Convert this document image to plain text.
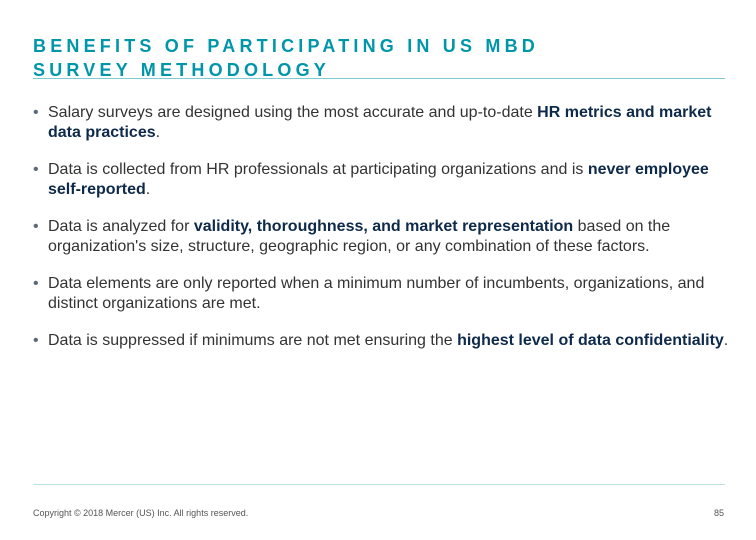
BENEFITS OF PARTICIPATING IN US MBD
SURVEY METHODOLOGY
• Salary surveys are designed using the most accurate and up-to-date HR metrics and market data practices.
• Data is collected from HR professionals at participating organizations and is never employee self-reported.
• Data is analyzed for validity, thoroughness, and market representation based on the organization's size, structure, geographic region, or any combination of these factors.
• Data elements are only reported when a minimum number of incumbents, organizations, and distinct organizations are met.
• Data is suppressed if minimums are not met ensuring the highest level of data confidentiality.
Copyright © 2018 Mercer (US) Inc. All rights reserved.	85
